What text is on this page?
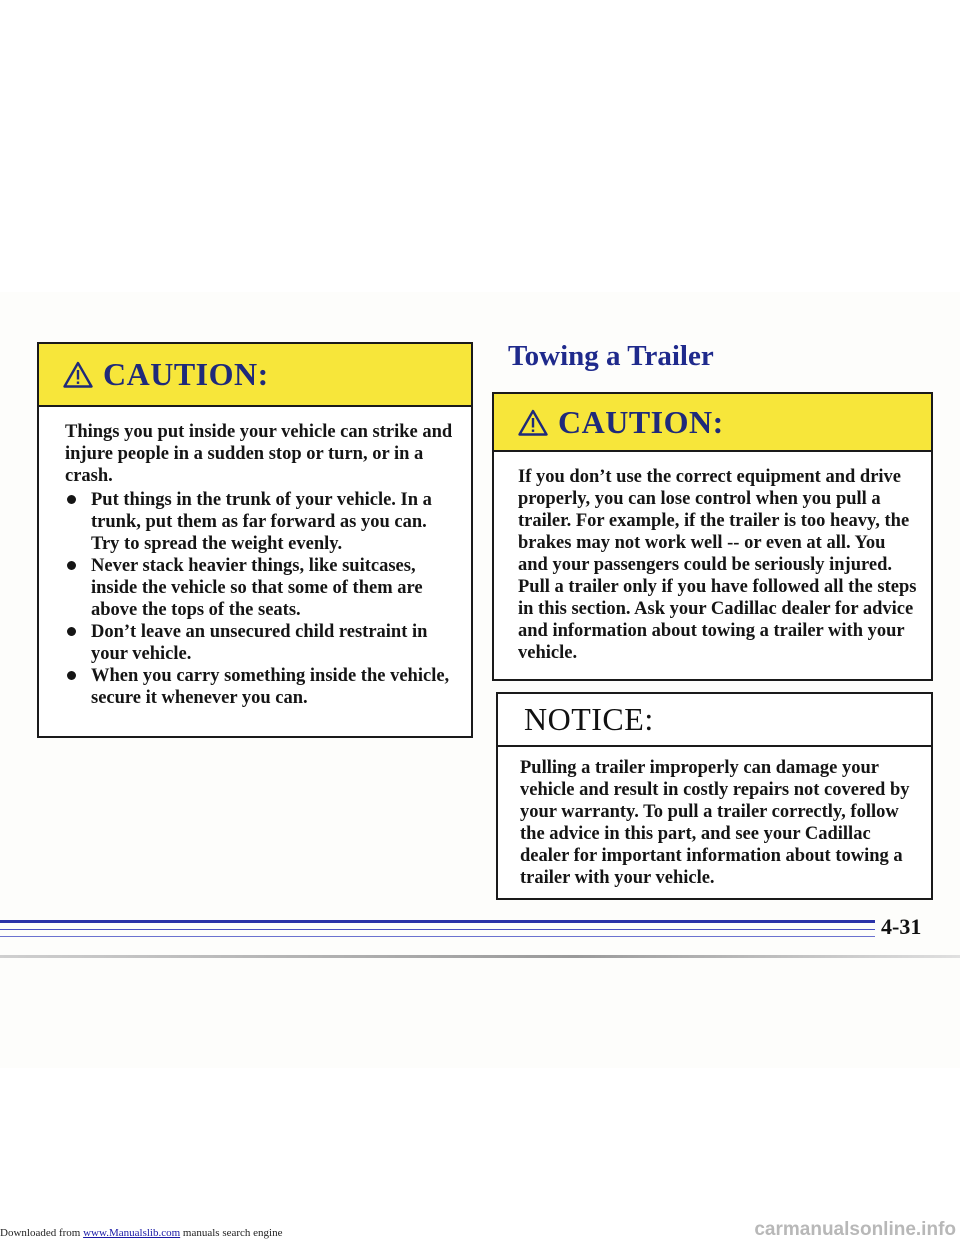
CAUTION:

Things you put inside your vehicle can strike and injure people in a sudden stop or turn, or in a crash.

Put things in the trunk of your vehicle. In a trunk, put them as far forward as you can. Try to spread the weight evenly.
Never stack heavier things, like suitcases, inside the vehicle so that some of them are above the tops of the seats.
Don’t leave an unsecured child restraint in your vehicle.
When you carry something inside the vehicle, secure it whenever you can.
Towing a Trailer
CAUTION:

If you don’t use the correct equipment and drive properly, you can lose control when you pull a trailer. For example, if the trailer is too heavy, the brakes may not work well -- or even at all. You and your passengers could be seriously injured. Pull a trailer only if you have followed all the steps in this section. Ask your Cadillac dealer for advice and information about towing a trailer with your vehicle.

NOTICE:

Pulling a trailer improperly can damage your vehicle and result in costly repairs not covered by your warranty. To pull a trailer correctly, follow the advice in this part, and see your Cadillac dealer for important information about towing a trailer with your vehicle.

4-31
Downloaded from www.Manualslib.com manuals search engine	carmanualsonline.info
